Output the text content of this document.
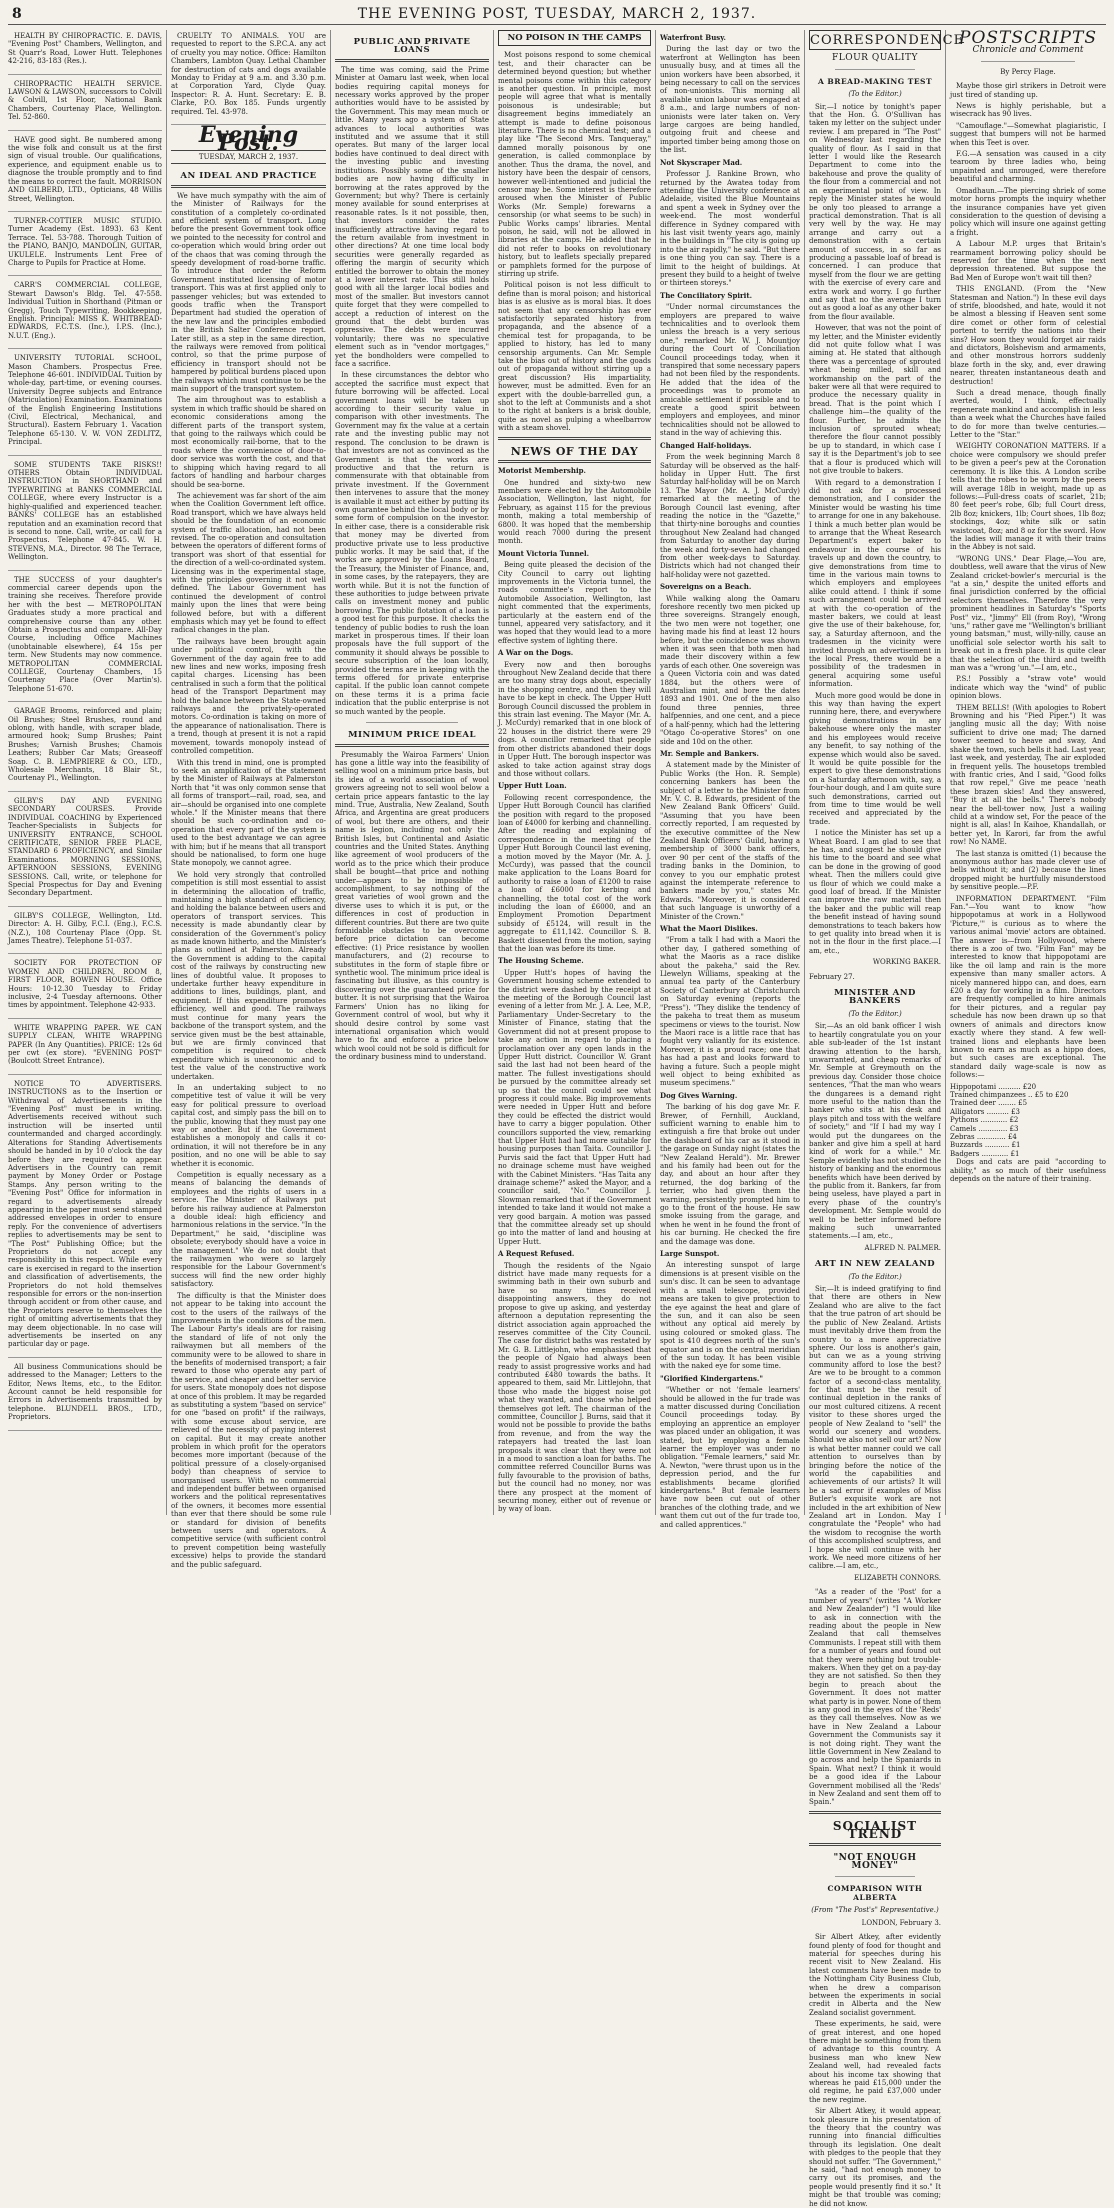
8	THE EVENING POST, TUESDAY, MARCH 2, 1937.

HEALTH BY CHIROPRACTIC. E. DAVIS, "Evening Post" Chambers, Wellington, and St Quarr's Road, Lower Hutt. Telephones 42-216, 83-183 (Res.).

CHIROPRACTIC HEALTH SERVICE. LAWSON & LAWSON, successors to Colvill & Colvill, 1st Floor, National Bank Chambers, Courtenay Place, Wellington. Tel. 52-860.

HAVE good sight. Be numbered among the wise folk and consult us at the first sign of visual trouble. Our qualifications, experience, and equipment enable us to diagnose the trouble promptly and to find the means to correct the fault. MORRISON AND GILBERD, LTD., Opticians, 48 Willis Street, Wellington.

TURNER-COTTIER MUSIC STUDIO. Turner Academy (Est. 1893). 63 Kent Terrace. Tel. 53-788. Thorough Tuition of the PIANO, BANJO, MANDOLIN, GUITAR, UKULELE. Instruments Lent Free of Charge to Pupils for Practice at Home.

CARR'S COMMERCIAL COLLEGE, Stewart Dawson's Bldg. Tel. 47-558. Individual Tuition in Shorthand (Pitman or Gregg), Touch Typewriting, Bookkeeping, English. Principal: MISS K. WHITBREAD-EDWARDS, F.C.T.S. (Inc.), I.P.S. (Inc.), N.U.T. (Eng.).

UNIVERSITY TUTORIAL SCHOOL, Mason Chambers. Prospectus Free. Telephone 46-601. INDIVIDUAL Tuition by whole-day, part-time, or evening courses. University Degree subjects and Entrance (Matriculation) Examination. Examinations of the English Engineering Institutions (Civil, Electrical, Mechanical, and Structural). Eastern February 1. Vacation Telephone 65-130. V. W. VON ZEDLITZ, Principal.

SOME STUDENTS TAKE RISKS!! OTHERS Obtain INDIVIDUAL INSTRUCTION in SHORTHAND and TYPEWRITING at BANKS COMMERCIAL COLLEGE, where every Instructor is a highly-qualified and experienced teacher. BANKS' COLLEGE has an established reputation and an examination record that is second to none. Call, write, or call for a Prospectus. Telephone 47-845. W. H. STEVENS, M.A., Director. 98 The Terrace, Wellington.

THE SUCCESS of your daughter's commercial career depends upon the training she receives. Therefore provide her with the best — METROPOLITAN Graduates study a more practical and comprehensive course than any other. Obtain a Prospectus and compare. All-Day Course, including Office Machines (unobtainable elsewhere), £4 15s per term. New Students may now commence. METROPOLITAN COMMERCIAL COLLEGE, Courtenay Chambers, 15 Courtenay Place (Over Martin's). Telephone 51-670.

GARAGE Brooms, reinforced and plain; Oil Brushes; Steel Brushes, round and oblong, with handle, with scraper blade, armoured hook; Sump Brushes; Paint Brushes; Varnish Brushes; Chamois Leathers; Rubber Car Mats; Greaseoff Soap. C. B. LEMPRIERE & CO., LTD., Wholesale Merchants, 18 Blair St., Courtenay Pl., Wellington.

GILBY'S DAY AND EVENING SECONDARY COURSES. Provide INDIVIDUAL COACHING by Experienced Teacher-Specialists in Subjects for UNIVERSITY ENTRANCE, SCHOOL CERTIFICATE, SENIOR FREE PLACE, STANDARD 6 PROFICIENCY, and Similar Examinations. MORNING SESSIONS, AFTERNOON SESSIONS, EVENING SESSIONS. Call, write, or telephone for Special Prospectus for Day and Evening Secondary Department.

GILBY'S COLLEGE, Wellington, Ltd. Director: A. H. Gilby, F.C.I. (Eng.), F.C.S. (N.Z.), 108 Courtenay Place (Opp. St. James Theatre). Telephone 51-037.

SOCIETY FOR PROTECTION OF WOMEN AND CHILDREN, ROOM 8, FIRST FLOOR, BOWEN HOUSE. Office Hours: 10-12.30 Tuesday to Friday inclusive, 2-4 Tuesday afternoons. Other times by appointment. Telephone 42-933.

WHITE WRAPPING PAPER. WE CAN SUPPLY CLEAN, WHITE WRAPPING PAPER (In Any Quantities). PRICE: 12s 6d per cwt (ex store). "EVENING POST" (Boulcott Street Entrance).

NOTICE TO ADVERTISERS. INSTRUCTIONS as to the Insertion or Withdrawal of Advertisements in the "Evening Post" must be in writing. Advertisements received without such instruction will be inserted until countermanded and charged accordingly. Alterations for Standing Advertisements should be handed in by 10 o'clock the day before they are required to appear. Advertisers in the Country can remit payment by Money Order or Postage Stamps. Any person writing to the "Evening Post" Office for information in regard to advertisements already appearing in the paper must send stamped addressed envelopes in order to ensure reply. For the convenience of advertisers replies to advertisements may be sent to "The Post" Publishing Office; but the Proprietors do not accept any responsibility in this respect. While every care is exercised in regard to the insertion and classification of advertisements, the Proprietors do not hold themselves responsible for errors or the non-insertion through accident or from other cause, and the Proprietors reserve to themselves the right of omitting advertisements that they may deem objectionable. In no case will advertisements be inserted on any particular day or page.

All business Communications should be addressed to the Manager; Letters to the Editor, News Items, etc., to the Editor. Account cannot be held responsible for Errors in Advertisements transmitted by telephone. BLUNDELL BROS., LTD., Proprietors.

CRUELTY TO ANIMALS. YOU are requested to report to the S.P.C.A. any act of cruelty you may notice. Office: Hamilton Chambers, Lambton Quay. Lethal Chamber for destruction of cats and dogs available Monday to Friday at 9 a.m. and 3.30 p.m. at Corporation Yard, Clyde Quay. Inspector: R. A. Hunt. Secretary: E. B. Clarke, P.O. Box 185. Funds urgently required. Tel. 43-978.

Evening Post.
TUESDAY, MARCH 2, 1937.
AN IDEAL AND PRACTICE

We have much sympathy with the aim of the Minister of Railways for the constitution of a completely co-ordinated and efficient system of transport. Long before the present Government took office we pointed to the necessity for control and co-operation which would bring order out of the chaos that was coming through the speedy development of road-borne traffic. To introduce that order the Reform Government instituted licensing of motor transport. This was at first applied only to passenger vehicles; but was extended to goods traffic when the Transport Department had studied the operation of the new law and the principles embodied in the British Salter Conference report. Later still, as a step in the same direction, the railways were removed from political control, so that the prime purpose of efficiency in transport should not be hampered by political burdens placed upon the railways which must continue to be the main support of the transport system.

The aim throughout was to establish a system in which traffic should be shared on economic considerations among the different parts of the transport system, that going to the railways which could be most economically rail-borne, that to the roads where the convenience of door-to-door service was worth the cost, and that to shipping which having regard to all factors of handling and harbour charges should be sea-borne.

The achievement was far short of the aim when the Coalition Government left office. Road transport, which we have always held should be the foundation of an economic system of traffic allocation, had not been revised. The co-operation and consultation between the operators of different forms of transport was short of that essential for the direction of a well-co-ordinated system. Licensing was in the experimental stage, with the principles governing it not well defined. The Labour Government has continued the development of control mainly upon the lines that were being followed before, but with a different emphasis which may yet be found to effect radical changes in the plan.

The railways have been brought again under political control, with the Government of the day again free to add new lines and new works, imposing fresh capital charges. Licensing has been centralised in such a form that the political head of the Transport Department may hold the balance between the State-owned railways and the privately-operated motors. Co-ordination is taking on more of the appearance of nationalisation. There is a trend, though at present it is not a rapid movement, towards monopoly instead of controlled competition.

With this trend in mind, one is prompted to seek an amplification of the statement by the Minister of Railways at Palmerston North that "it was only common sense that all forms of transport—rail, road, sea, and air—should be organised into one complete whole." If the Minister means that there should be such co-ordination and co-operation that every part of the system is used to the best advantage we can agree with him; but if he means that all transport should be nationalised, to form one huge State monopoly, we cannot agree.

We hold very strongly that controlled competition is still most essential to assist in determining the allocation of traffic, maintaining a high standard of efficiency, and holding the balance between users and operators of transport services. This necessity is made abundantly clear by consideration of the Government's policy as made known hitherto, and the Minister's plans as outlined at Palmerston. Already the Government is adding to the capital cost of the railways by constructing new lines of doubtful value. It proposes to undertake further heavy expenditure in additions to lines, buildings, plant, and equipment. If this expenditure promotes efficiency, well and good. The railways must continue for many years the backbone of the transport system, and the service given must be the best attainable, but we are firmly convinced that competition is required to check expenditure which is uneconomic and to test the value of the constructive work undertaken.

In an undertaking subject to no competitive test of value it will be very easy for political pressure to overload capital cost, and simply pass the bill on to the public, knowing that they must pay one way or another. But if the Government establishes a monopoly and calls it co-ordination, it will not therefore be in any position, and no one will be able to say whether it is economic.

Competition is equally necessary as a means of balancing the demands of employees and the rights of users in a service. The Minister of Railways put before his railway audience at Palmerston a double ideal: high efficiency and harmonious relations in the service. "In the Department," he said, "discipline was obsolete; everybody should have a voice in the management." We do not doubt that the railwaymen who were so largely responsible for the Labour Government's success will find the new order highly satisfactory.

The difficulty is that the Minister does not appear to be taking into account the cost to the users of the railways of the improvements in the conditions of the men. The Labour Party's ideals are for raising the standard of life of not only the railwaymen but all members of the community were to be allowed to share in the benefits of modernised transport; a fair reward to those who operate any part of the service, and cheaper and better service for users. State monopoly does not dispose at once of this problem. It may be regarded as substituting a system "based on service" for one "based on profit" if the railways, with some excuse about service, are relieved of the necessity of paying interest on capital. But it may create another problem in which profit for the operators becomes more important (because of the political pressure of a closely-organised body) than cheapness of service to unorganised users. With no commercial and independent buffer between organised workers and the political representatives of the owners, it becomes more essential than ever that there should be some rule or standard for division of benefits between users and operators. A competitive service (with sufficient control to prevent competition being wastefully excessive) helps to provide the standard and the public safeguard.

PUBLIC AND PRIVATE LOANS

The time was coming, said the Prime Minister at Oamaru last week, when local bodies requiring capital moneys for necessary works approved by the proper authorities would have to be assisted by the Government. This may mean much or little. Many years ago a system of State advances to local authorities was instituted and we assume that it still operates. But many of the larger local bodies have continued to deal direct with the investing public and investing institutions. Possibly some of the smaller bodies are now having difficulty in borrowing at the rates approved by the Government; but why? There is certainly money available for sound enterprises at reasonable rates. Is it not possible, then, that investors consider the rates insufficiently attractive having regard to the return available from investment in other directions? At one time local body securities were generally regarded as offering the margin of security which entitled the borrower to obtain the money at a lower interest rate. This still holds good with all the larger local bodies and most of the smaller. But investors cannot quite forget that they were compelled to accept a reduction of interest on the ground that the debt burden was oppressive. The debts were incurred voluntarily; there was no speculative element such as in "vendor mortgages," yet the bondholders were compelled to face a sacrifice.

In these circumstances the debtor who accepted the sacrifice must expect that future borrowing will be affected. Local government loans will be taken up according to their security value in comparison with other investments. The Government may fix the value at a certain rate and the investing public may not respond. The conclusion to be drawn is that investors are not as convinced as the Government is that the works are productive and that the return is commensurate with that obtainable from private investment. If the Government then intervenes to assure that the money is available it must act either by putting its own guarantee behind the local body or by some form of compulsion on the investor. In either case, there is a considerable risk that money may be diverted from productive private use to less productive public works. It may be said that, if the works are approved by the Loans Board, the Treasury, the Minister of Finance, and, in some cases, by the ratepayers, they are worth while. But it is not the function of these authorities to judge between private calls on investment money and public borrowing. The public flotation of a loan is a good test for this purpose. It checks the tendency of public bodies to rush the loan market in prosperous times. If their loan proposals have the full support of the community it should always be possible to secure subscription of the loan locally, provided the terms are in keeping with the terms offered for private enterprise capital. If the public loan cannot compete on these terms it is a prima facie indication that the public enterprise is not so much wanted by the people.

MINIMUM PRICE IDEAL

Presumably the Wairoa Farmers' Union has gone a little way into the feasibility of selling wool on a minimum price basis, but its idea of a world association of wool growers agreeing not to sell wool below a certain price appears fantastic to the lay mind. True, Australia, New Zealand, South Africa, and Argentina are great producers of wool, but there are others, and their name is legion, including not only the British Isles, but Continental and Asiatic countries and the United States. Anything like agreement of wool producers of the world as to the price which their produce shall be bought—that price and nothing under—appears to be impossible of accomplishment, to say nothing of the great varieties of wool grown and the diverse uses to which it is put, or the differences in cost of production in different countries. But there are two quite formidable obstacles to be overcome before price dictation can become effective: (1) Price resistance by woollen manufacturers, and (2) recourse to substitutes in the form of staple fibre or synthetic wool. The minimum price ideal is fascinating but illusive, as this country is discovering over the guaranteed price for butter. It is not surprising that the Wairoa Farmers' Union has no liking for Government control of wool, but why it should desire control by some vast international organisation which would have to fix and enforce a price below which wool could not be sold is difficult for the ordinary business mind to understand.

NO POISON IN THE CAMPS

Most poisons respond to some chemical test, and their character can be determined beyond question; but whether mental poisons come within this category is another question. In principle, most people will agree that what is mentally poisonous is undesirable; but disagreement begins immediately an attempt is made to define poisonous literature. There is no chemical test; and a play like "The Second Mrs. Tanqueray," damned morally poisonous by one generation, is called commonplace by another. Thus the drama, the novel, and history have been the despair of censors, however well-intentioned and judicial the censor may be. Some interest is therefore aroused when the Minister of Public Works (Mr. Semple) forewarns a censorship (or what seems to be such) in Public Works camps' libraries. Mental poison, he said, will not be allowed in libraries at the camps. He added that he did not refer to books on revolutionary history, but to leaflets specially prepared or pamphlets formed for the purpose of stirring up strife.

Political poison is not less difficult to define than is moral poison; and historical bias is as elusive as is moral bias. It does not seem that any censorship has ever satisfactorily separated history from propaganda, and the absence of a chemical test for propaganda, to be applied to history, has led to many censorship arguments. Can Mr. Semple take the bias out of history and the goads out of propaganda without stirring up a great discussion? His impartiality, however, must be admitted. Even for an expert with the double-barrelled gun, a shot to the left at Communists and a shot to the right at bankers is a brisk double, quite as novel as pulping a wheelbarrow with a steam shovel.

NEWS OF THE DAY

Motorist Membership.

One hundred and sixty-two new members were elected by the Automobile Association, Wellington, last night, for February, as against 115 for the previous month, making a total membership of 6800. It was hoped that the membership would reach 7000 during the present month.

Mount Victoria Tunnel.

Being quite pleased the decision of the City Council to carry out lighting improvements in the Victoria tunnel, the roads committee's report to the Automobile Association, Wellington, last night commented that the experiments, particularly at the eastern end of the tunnel, appeared very satisfactory, and it was hoped that they would lead to a more effective system of lighting there.

A War on the Dogs.

Every now and then boroughs throughout New Zealand decide that there are too many stray dogs about, especially in the shopping centre, and then they will have to be kept in check. The Upper Hutt Borough Council discussed the problem in this strain last evening. The Mayor (Mr. A. J. McCurdy) remarked that in one block of 22 houses in the district there were 29 dogs. A councillor remarked that people from other districts abandoned their dogs in Upper Hutt. The borough inspector was asked to take action against stray dogs and those without collars.

Upper Hutt Loan.

Following recent correspondence, the Upper Hutt Borough Council has clarified the position with regard to the proposed loan of £4000 for kerbing and channelling. After the reading and explaining of correspondence in the meeting of the Upper Hutt Borough Council last evening, a motion moved by the Mayor (Mr. A. J. McCurdy), was passed that the council make application to the Loans Board for authority to raise a loan of £1200 to raise a loan of £6000 for kerbing and channelling, the total cost of the work including the loan of £6000, and an Employment Promotion Department subsidy of £5124, will result in the aggregate to £11,142. Councillor S. B. Baskett dissented from the motion, saying that the loan was before its time.

The Housing Scheme.

Upper Hutt's hopes of having the Government housing scheme extended to the district were dashed by the receipt at the meeting of the Borough Council last evening of a letter from Mr. J. A. Lee, M.P., Parliamentary Under-Secretary to the Minister of Finance, stating that the Government did not at present propose to take any action in regard to placing a proclamation over any open lands in the Upper Hutt district. Councillor W. Grant said the last had not been heard of the matter. The fullest investigations should be pursued by the committee already set up so that the council could see what progress it could make. Big improvements were needed in Upper Hutt and before they could be effected the district would have to carry a bigger population. Other councillors supported the view, remarking that Upper Hutt had had more suitable for housing purposes than Taita. Councillor J. Purvis said the fact that Upper Hutt had no drainage scheme must have weighed with the Cabinet Ministers. "Has Taita any drainage scheme?" asked the Mayor, and a councillor said, "No." Councillor J. Slowman remarked that if the Government intended to take land it would not make a very good bargain. A motion was passed that the committee already set up should go into the matter of land and housing at Upper Hutt.

A Request Refused.

Though the residents of the Ngaio district have made many requests for a swimming bath in their own suburb and have so many times received disappointing answers, they do not propose to give up asking, and yesterday afternoon a deputation representing the district association again approached the reserves committee of the City Council. The case for district baths was restated by Mr. G. B. Littlejohn, who emphasised that the people of Ngaio had always been ready to assist progressive works and had contributed £480 towards the baths. It appeared to them, said Mr. Littlejohn, that those who made the biggest noise got what they wanted, and those who helped themselves got left. The chairman of the committee, Councillor J. Burns, said that it would not be possible to provide the baths from revenue, and from the way the ratepayers had treated the last loan proposals it was clear that they were not in a mood to sanction a loan for baths. The committee referred Councillor Burns was fully favourable to the provision of baths, but the council had no money, nor was there any prospect at the moment of securing money, either out of revenue or by way of loan.

Waterfront Busy.

During the last day or two the waterfront at Wellington has been unusually busy, and at times all the union workers have been absorbed, it being necessary to call on the services of non-unionists. This morning all available union labour was engaged at 8 a.m., and large numbers of non-unionists were later taken on. Very large cargoes are being handled, outgoing fruit and cheese and imported timber being among those on the list.

Not Skyscraper Mad.

Professor J. Rankine Brown, who returned by the Awatea today from attending the University conference at Adelaide, visited the Blue Mountains and spent a week in Sydney over the week-end. The most wonderful difference in Sydney compared with his last visit twenty years ago, mainly in the buildings in "The city is going up into the air rapidly," he said. "But there is one thing you can say. There is a limit to the height of buildings. At present they build to a height of twelve or thirteen storeys."

The Conciliatory Spirit.

"Under normal circumstances the employers are prepared to waive technicalities and to overlook them unless the breach is a very serious one," remarked Mr. W. J. Mountjoy during the Court of Conciliation Council proceedings today, when it transpired that some necessary papers had not been filed by the respondents. He added that the idea of the proceedings was to promote an amicable settlement if possible and to create a good spirit between employers and employees, and minor technicalities should not be allowed to stand in the way of achieving this.

Changed Half-holidays.

From the week beginning March 8 Saturday will be observed as the half-holiday in Upper Hutt. The first Saturday half-holiday will be on March 13. The Mayor (Mr. A. J. McCurdy) remarked at the meeting of the Borough Council last evening, after reading the notice in the "Gazette," that thirty-nine boroughs and counties throughout New Zealand had changed from Saturday to another day during the week and forty-seven had changed from other week-days to Saturday. Districts which had not changed their half-holiday were not gazetted.

Sovereigns on a Beach.

While walking along the Oamaru foreshore recently two men picked up three sovereigns. Strangely enough, the two men were not together, one having made his find at least 12 hours before, but the coincidence was shown when it was seen that both men had made their discovery within a few yards of each other. One sovereign was a Queen Victoria coin and was dated 1884, but the others were of Australian mint, and bore the dates 1893 and 1901. One of the men also found three pennies, three halfpennies, and one cent, and a piece of a half-penny, which had the lettering "Otago Co-operative Stores" on one side and 10d on the other.

Mr. Semple and Bankers.

A statement made by the Minister of Public Works (the Hon. R. Semple) concerning bankers has been the subject of a letter to the Minister from Mr. V. C. B. Edwards, president of the New Zealand Bank Officers' Guild. "Assuming that you have been correctly reported, I am requested by the executive committee of the New Zealand Bank Officers' Guild, having a membership of 3000 bank officers, over 90 per cent of the staffs of the trading banks in the Dominion, to convey to you our emphatic protest against the intemperate reference to bankers made by you," states Mr. Edwards. "Moreover, it is considered that such language is unworthy of a Minister of the Crown."

What the Maori Dislikes.

"From a talk I had with a Maori the other day, I gathered something of what the Maoris as a race dislike about the pakeha," said the Rev. Llewelyn Williams, speaking at the annual tea party of the Canterbury Society of Canterbury at Christchurch on Saturday evening (reports the "Press"). "They dislike the tendency of the pakeha to treat them as museum specimens or views to the tourist. Now the Maori race is a little race that has fought very valiantly for its existence. Moreover, it is a proud race; one that has had a past and looks forward to having a future. Such a people might well object to being exhibited as museum specimens."

Dog Gives Warning.

The barking of his dog gave Mr. F. Brewer, of Fernhill, Auckland, sufficient warning to enable him to extinguish a fire that broke out under the dashboard of his car as it stood in the garage on Sunday night (states the "New Zealand Herald"). Mr. Brewer and his family had been out for the day, and about an hour after they returned, the dog barking of the terrier, who had given them the warning, persistently prompted him to go to the front of the house. He saw smoke issuing from the garage, and when he went in he found the front of his car burning. He checked the fire and the damage was done.

Large Sunspot.

An interesting sunspot of large dimensions is at present visible on the sun's disc. It can be seen to advantage with a small telescope, provided means are taken to give protection to the eye against the heat and glare of the sun, and it can also be seen without any optical aid merely by using coloured or smoked glass. The spot is 410 degrees north of the sun's equator and is on the central meridian of the sun today. It has been visible with the naked eye for some time.

"Glorified Kindergartens."

"Whether or not 'female learners' should be allowed in the fur trade was a matter discussed during Conciliation Council proceedings today. By employing an apprentice an employer was placed under an obligation, it was stated, but by employing a female learner the employer was under no obligation. "Female learners," said Mr. A. Newton, "were thrust upon us in the depression period, and the fur establishments became glorified kindergartens." But female learners have now been cut out of other branches of the clothing trade, and we want them cut out of the fur trade too, and called apprentices."

CORRESPONDENCE
FLOUR QUALITY
A BREAD-MAKING TEST
(To the Editor.)

Sir,—I notice by tonight's paper that the Hon. G. O'Sullivan has taken my letter on the subject under review. I am prepared in "The Post" on Wednesday last regarding the quality of flour. As I said in that letter I would like the Research Department to come into the bakehouse and prove the quality of the flour from a commercial and not an experimental point of view. In reply the Minister states he would be only too pleased to arrange a practical demonstration. That is all very well by the way. He may arrange and carry out a demonstration with a certain amount of success, in so far as producing a passable loaf of bread is concerned. I can produce that myself from the flour we are getting with the exercise of every care and extra work and worry. I go further and say that no the average I turn out as good a loaf as any other baker from the flour available.

However, that was not the point of my letter, and the Minister evidently did not quite follow what I was aiming at. He stated that although there was a percentage of sprouted wheat being milled, skill and workmanship on the part of the baker were all that were required to produce the necessary quality in bread. That is the point which I challenge him—the quality of the flour. Further, he admits the inclusion of sprouted wheat; therefore the flour cannot possibly be up to standard, in which case I say it is the Department's job to see that a flour is produced which will not give trouble to bakers.

With regard to a demonstration I did not ask for a processed demonstration, and I consider the Minister would be wasting his time to arrange for one in any bakehouse. I think a much better plan would be to arrange that the Wheat Research Department's expert baker to endeavour in the course of his travels up and down the country, to give demonstrations from time to time in the various main towns to which employers and employees alike could attend. I think if some such arrangement could be arrived at with the co-operation of the master bakers, we could at least give the use of their bakehouse, for, say, a Saturday afternoon, and the tradesmen in the vicinity were invited through an advertisement in the local Press, there would be a possibility of the tradesmen in general acquiring some useful information.

Much more good would be done in this way than having the expert running here, there, and everywhere giving demonstrations in any bakehouse where only the master and his employees would receive any benefit, to say nothing of the expense which would also be saved. It would be quite possible for the expert to give these demonstrations on a Saturday afternoon with, say, a four-hour dough, and I am quite sure such demonstrations, carried out from time to time would be well received and appreciated by the trade.

I notice the Minister has set up a Wheat Board. I am glad to see that he has, and suggest he should give his time to the board and see what can be done in the growing of good wheat. Then the millers could give us flour of which we could make a good loaf of bread. If the Minister can improve the raw material then the baker and the public will reap the benefit instead of having sound demonstrations to teach bakers how to get quality into bread when it is not in the flour in the first place.—I am, etc.,

WORKING BAKER.
February 27.
MINISTER AND BANKERS
(To the Editor.)

Sir,—As an old bank officer I wish to heartily congratulate you on your able sub-leader of the 1st instant drawing attention to the harsh, unwarranted, and cheap remarks of Mr. Semple at Greymouth on the previous day. Consider those choice sentences, "That the man who wears the dungarees is a demand right more useful to the nation than the banker who sits at his desk and plays pitch and toss with the welfare of society," and "If I had my way I would put the dungarees on the banker and give him a spell at hard kind of work for a while." Mr. Semple evidently has not studied the history of banking and the enormous benefits which have been derived by the public from it. Bankers, far from being useless, have played a part in every phase of the country's development. Mr. Semple would do well to be better informed before making such unwarranted statements.—I am, etc.,

ALFRED N. PALMER.
ART IN NEW ZEALAND
(To the Editor.)

Sir,—It is indeed gratifying to find that there are others in New Zealand who are alive to the fact that the true patron of art should be the public of New Zealand. Artists must inevitably drive them from the country to a more appreciative sphere. Our loss is another's gain, but can we as a young striving community afford to lose the best? Are we to be brought to a common factor of a second-class mentality, for that must be the result of continual depletion in the ranks of our most cultured citizens. A recent visitor to these shores urged the people of New Zealand to "sell" the world our scenery and wonders. Should we also not sell our art? Now is what better manner could we call attention to ourselves than by bringing before the notice of the world the capabilities and achievements of our artists? It will be a sad error if examples of Miss Butler's exquisite work are not included in the art exhibition of New Zealand art in London. May I congratulate the "People" who had the wisdom to recognise the worth of this accomplished sculptress, and I hope she will continue with her work. We need more citizens of her calibre.—I am, etc.,

ELIZABETH CONNORS.

"As a reader of the 'Post' for a number of years" (writes "A Worker and New Zealander") "I would like to ask in connection with the reading about the people in New Zealand that call themselves Communists. I repeat still with them for a number of years and found out that they were nothing but trouble-makers. When they get on a pay-day they are not satisfied. So then they begin to preach about the Government. It does not matter what party is in power. None of them is any good in the eyes of the 'Reds' as they call themselves. Now as we have in New Zealand a Labour Government the Communists say it is not doing right. They want the little Government in New Zealand to go across and help the Spaniards in Spain. What next? I think it would be a good idea if the Labour Government mobilised all the 'Reds' in New Zealand and sent them off to Spain."

SOCIALIST TREND
"NOT ENOUGH MONEY"
COMPARISON WITH ALBERTA
(From "The Post's" Representative.)
LONDON, February 3.

Sir Albert Atkey, after evidently found plenty of food for thought and material for speeches during his recent visit to New Zealand. His latest comments have been made to the Nottingham City Business Club, when he drew a comparison between the experiments in social credit in Alberta and the New Zealand socialist government.

These experiments, he said, were of great interest, and one hoped there might be something from them of advantage to this country. A business man who knew New Zealand well, had revealed facts about his income tax showing that whereas he paid £15,000 under the old regime, he paid £37,000 under the new regime.

Sir Albert Atkey, it would appear, took pleasure in his presentation of the theory that the country was running into financial difficulties through its legislation. One dealt with pledges to the people that they should not suffer. "The Government," he said, "had not enough money to carry out its promises, and the people would presently find it so." It might be that trouble was coming; he did not know.

POSTSCRIPTS
Chronicle and Comment
By Percy Flage.

Maybe those girl strikers in Detroit were just tired of standing up.

News is highly perishable, but a wisecrack has 90 lives.

"Camouflage."—Somewhat plagiaristic, I suggest that bumpers will not be harmed when this Teet is over.

F.G.—A sensation was caused in a city tearoom by three ladies who, being unpainted and unrouged, were therefore beautiful and charming.

Omadhaun.—The piercing shriek of some motor horns prompts the inquiry whether the insurance companies have yet given consideration to the question of devising a policy which will insure one against getting a fright.

A Labour M.P. urges that Britain's rearmament borrowing policy should be reserved for the time when the next depression threatened. But suppose the Bad Men of Europe won't wait till then?

THIS ENGLAND. (From the "New Statesman and Nation.") In these evil days of strife, bloodshed, and hate, would it not be almost a blessing if Heaven sent some dire comet or other form of celestial portent to terrify the nations into their sins? How soon they would forget air raids and dictators, Bolshevism and armaments, and other monstrous horrors suddenly blaze forth in the sky, and, ever drawing nearer, threaten instantaneous death and destruction!

Such a dread menace, though finally averted, would, I think, effectually regenerate mankind and accomplish in less than a week what the Churches have failed to do for more than twelve centuries.—Letter to the "Star."

WEIGHTY CORONATION MATTERS. If a choice were compulsory we should prefer to be given a peer's pew at the Coronation ceremony. It is like this. A London scribe tells that the robes to be worn by the peers will average 18lb in weight, made up as follows:—Full-dress coats of scarlet, 21b; 80 feet peer's robe, 6lb; full Court dress, 2lb 8oz; knickers, 1lb; Court shoes, 1lb 8oz; stockings, 4oz; white silk or satin waistcoat, 8oz; and 8 oz for the sword. How the ladies will manage it with their trains in the Abbey is not said.

"WRONG UNS." Dear Flage,—You are, doubtless, well aware that the virus of New Zealand cricket-bowler's mercurial is the "at a sin," despite the united efforts and final jurisdiction conferred by the official selectors themselves. Therefore the very prominent headlines in Saturday's "Sports Post" viz., "Jimmy" Ell (from Roy), "Wrong 'uns," rather gave me "Wellington's brilliant young batsman," must, willy-nilly, cause an unofficial sole selector worth his salt to break out in a fresh place. It is quite clear that the selection of the third and twelfth man was a "wrong 'un."—I am, etc.,

P.S.! Possibly a "straw vote" would indicate which way the "wind" of public opinion blows.

THEM BELLS! (With apologies to Robert Browning and his "Pied Piper.") It was jangling music all the day; With noise sufficient to drive one mad; The darned tower seemed to heave and sway, And shake the town, such bells it had. Last year, last week, and yesterday, The air exploded in frequent yells. The housetops trembled with frantic cries, And I said, "Good folks that row repel," Give me peace 'neath these brazen skies! And they answered, "Buy it at all the bells." There's nobody near the bell-tower now, Just a wailing child at a window set, For the peace of the night is all, alas! In Kaihoe, Khandallah, or better yet, In Karori, far from the awful row! No NAME.

The last stanza is omitted (1) because the anonymous author has made clever use of bells without it; and (2) because the lines dropped might be hurtfully misunderstood by sensitive people.—P.F.

INFORMATION DEPARTMENT. "Film Fan."—You want to know "how hippopotamus at work in a Hollywood 'Picture,'" is curious as to where the various animal 'movie' actors are obtained. The answer is—from Hollywood, where there is a zoo of two. "Film Fan" may be interested to know that hippopotami are like the oil lamp and rain is the more expensive than many smaller actors. A nicely mannered hippo can, and does, earn £20 a day for working in a film. Directors are frequently compelled to hire animals for their pictures, and a regular pay schedule has now been drawn up so that owners of animals and directors know exactly where they stand. A few well-trained lions and elephants have been known to earn as much as a hippo does, but such cases are exceptional. The standard daily wage-scale is now as follows:—

Hippopotami .......... £20

Trained chimpanzees .. £5 to £20

Trained deer ........ £5

Alligators .......... £3

Pythons ............ £2

Camels ............. £3

Zebras ............. £4

Buzzards ........... £1

Badgers ............ £1

Dogs and cats are paid "according to ability," as so much of their usefulness depends on the nature of their training.
